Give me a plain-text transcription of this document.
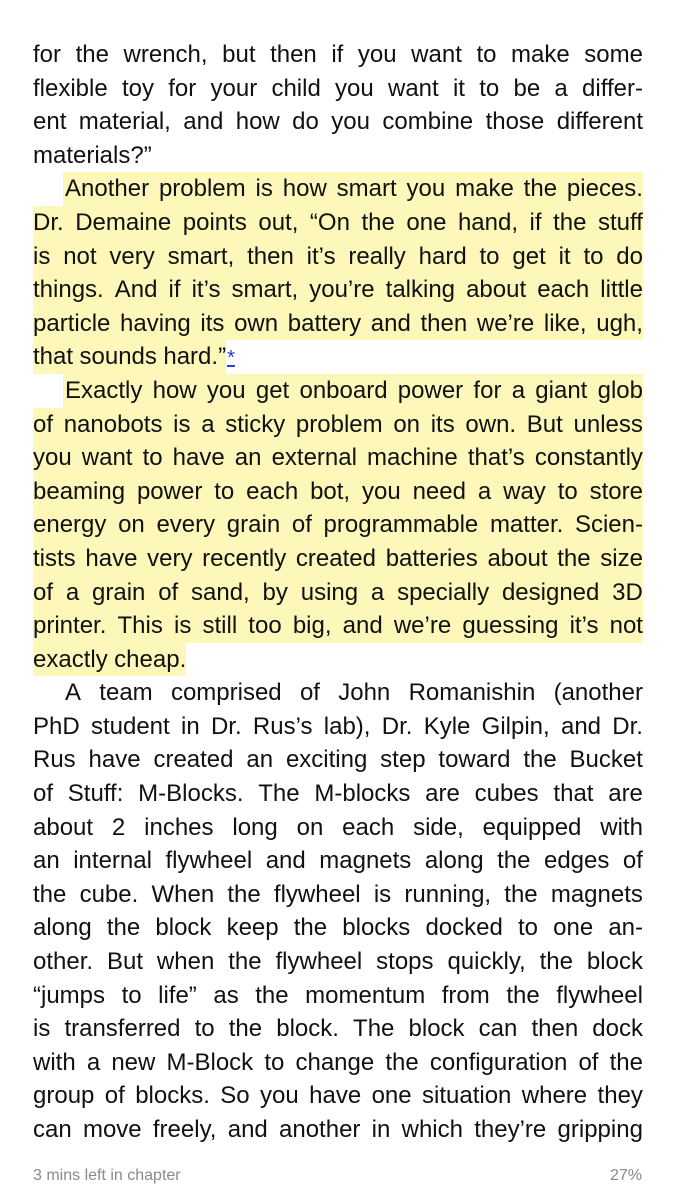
for the wrench, but then if you want to make some
flexible toy for your child you want it to be a differ-
ent material, and how do you combine those different
materials?”
Another problem is how smart you make the pieces.
Dr. Demaine points out, “On the one hand, if the stuff
is not very smart, then it’s really hard to get it to do
things. And if it’s smart, you’re talking about each little
particle having its own battery and then we’re like, ugh,
that sounds hard.” *
Exactly how you get onboard power for a giant glob
of nanobots is a sticky problem on its own. But unless
you want to have an external machine that’s constantly
beaming power to each bot, you need a way to store
energy on every grain of programmable matter. Scien-
tists have very recently created batteries about the size
of a grain of sand, by using a specially designed 3D
printer. This is still too big, and we’re guessing it’s not
exactly cheap.
A team comprised of John Romanishin (another
PhD student in Dr. Rus’s lab), Dr. Kyle Gilpin, and Dr.
Rus have created an exciting step toward the Bucket
of Stuff: M-Blocks. The M-blocks are cubes that are
about 2 inches long on each side, equipped with
an internal flywheel and magnets along the edges of
the cube. When the flywheel is running, the magnets
along the block keep the blocks docked to one an-
other. But when the flywheel stops quickly, the block
“jumps to life” as the momentum from the flywheel
is transferred to the block. The block can then dock
with a new M-Block to change the configuration of the
group of blocks. So you have one situation where they
can move freely, and another in which they’re gripping
3 mins left in chapter	27%
